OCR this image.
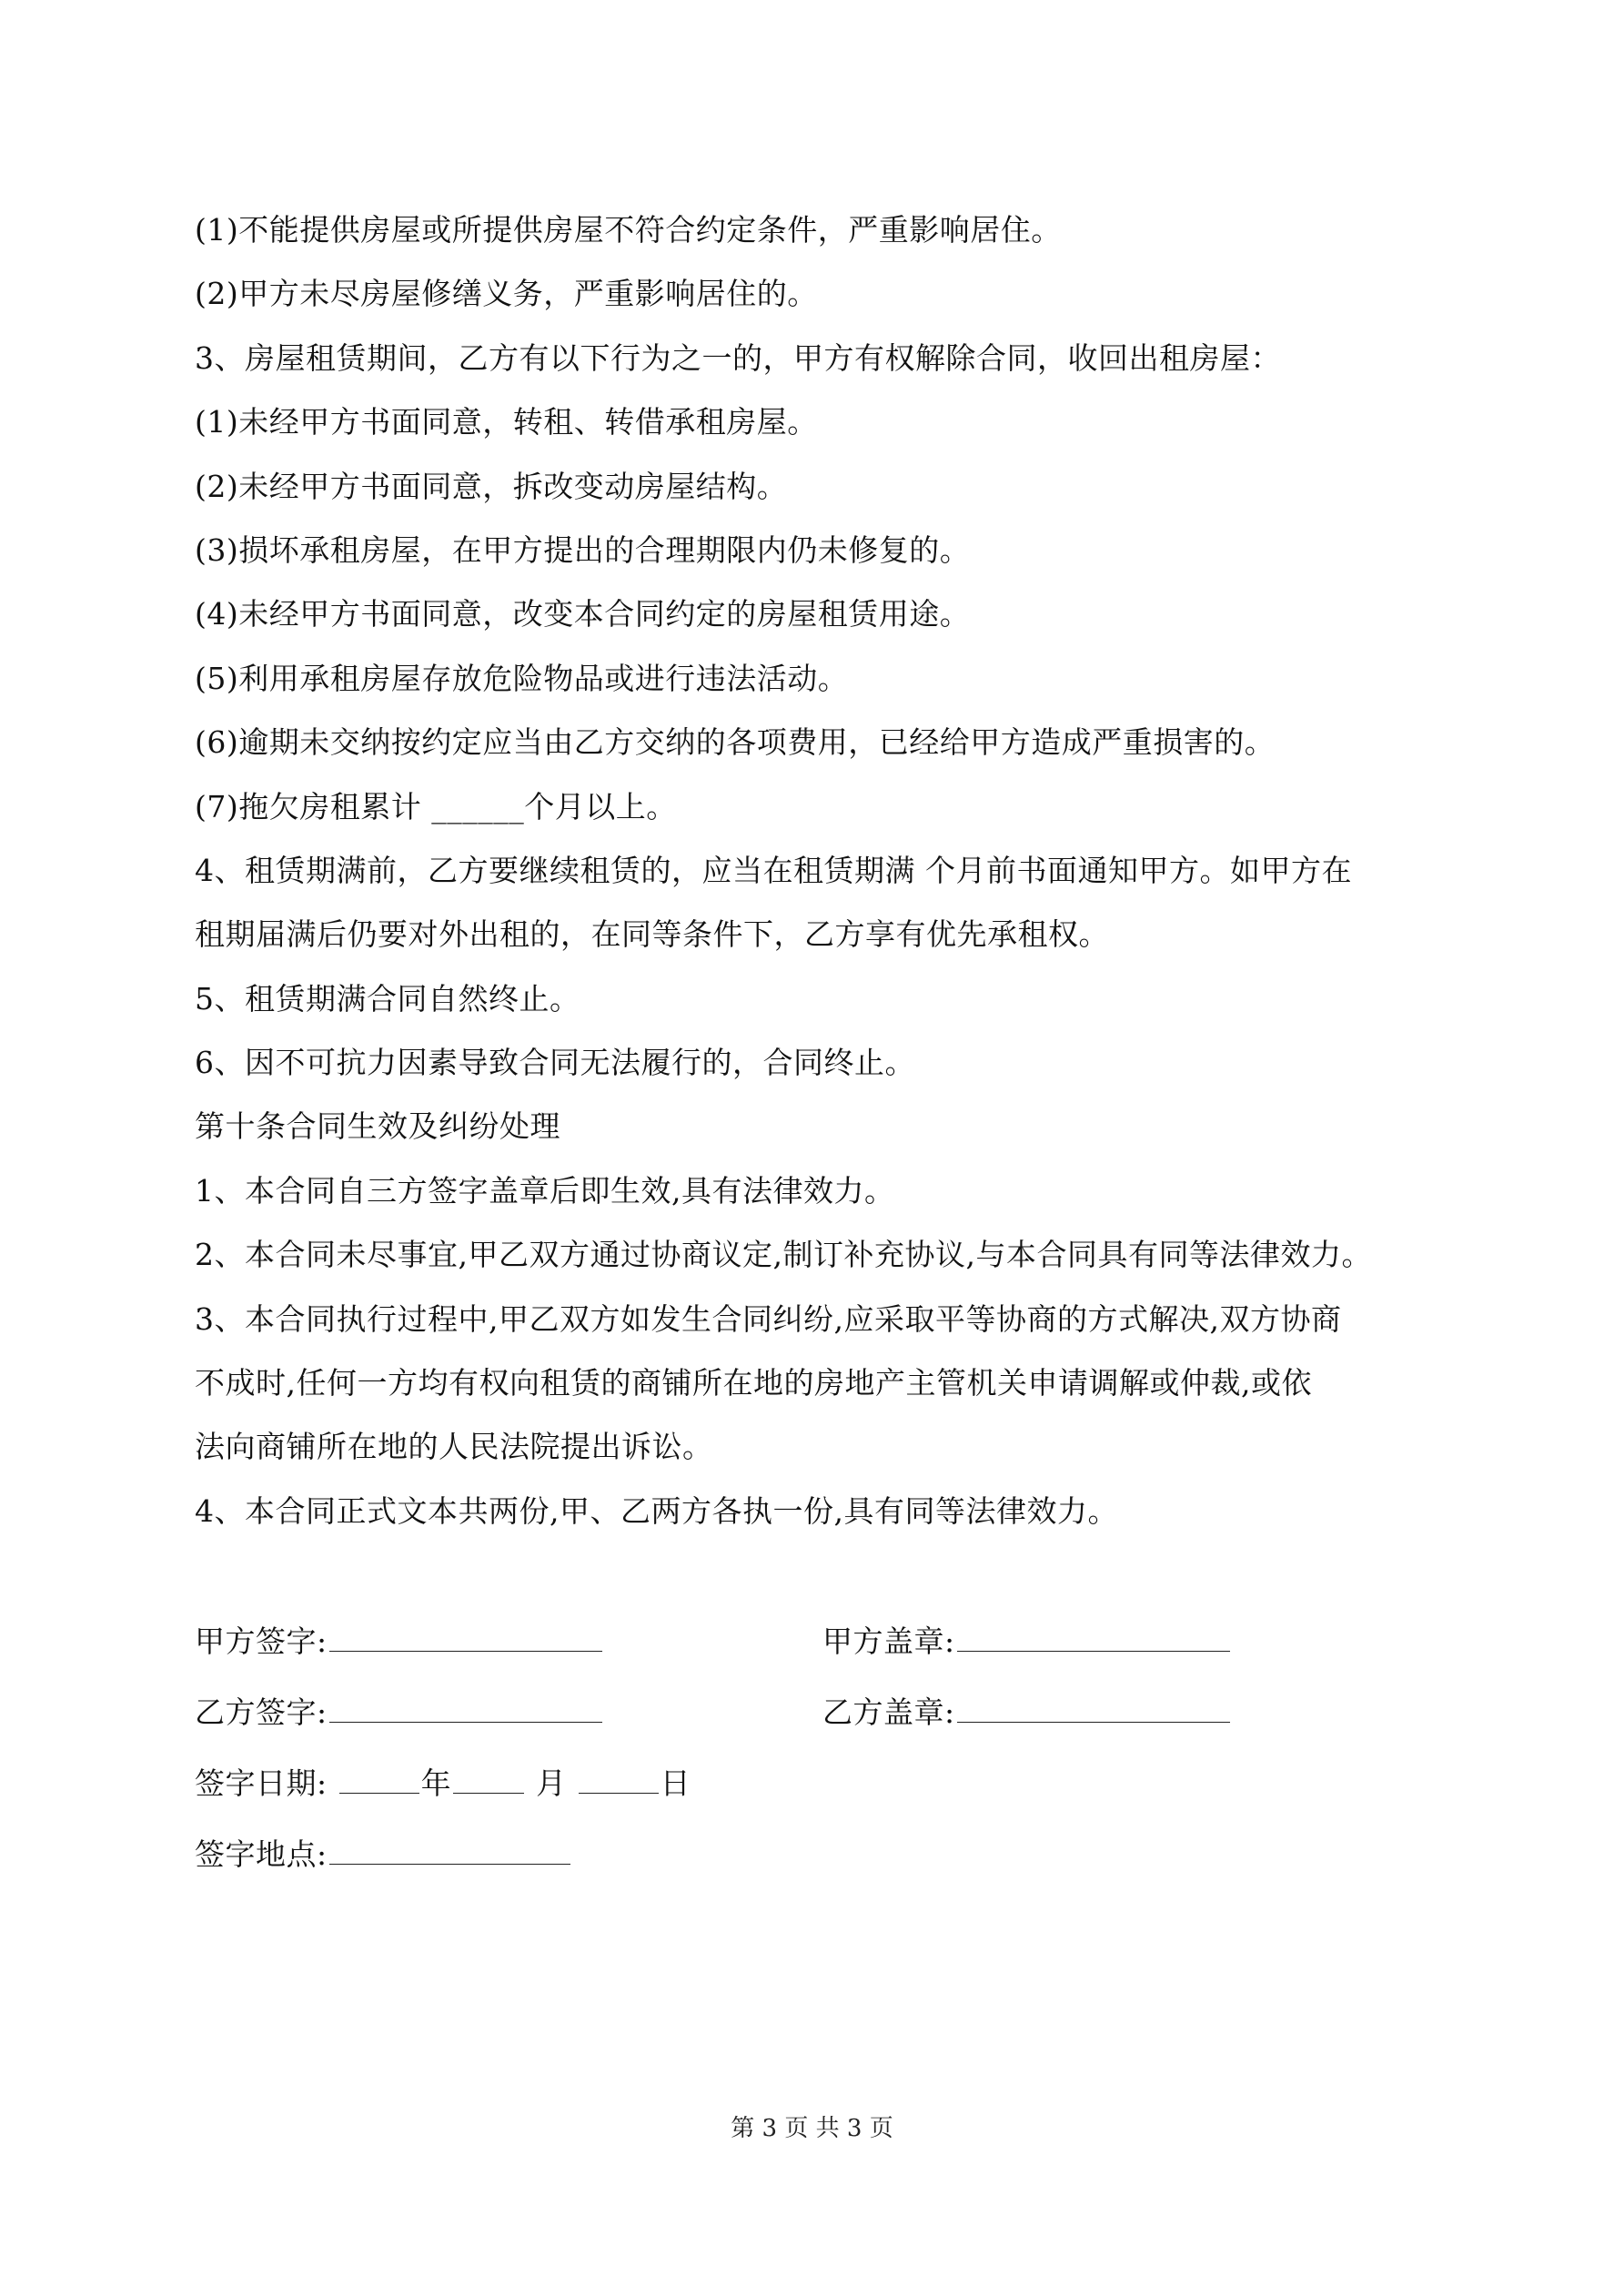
(1)不能提供房屋或所提供房屋不符合约定条件，严重影响居住。
(2)甲方未尽房屋修缮义务，严重影响居住的。
3、房屋租赁期间，乙方有以下行为之一的，甲方有权解除合同，收回出租房屋：
(1)未经甲方书面同意，转租、转借承租房屋。
(2)未经甲方书面同意，拆改变动房屋结构。
(3)损坏承租房屋，在甲方提出的合理期限内仍未修复的。
(4)未经甲方书面同意，改变本合同约定的房屋租赁用途。
(5)利用承租房屋存放危险物品或进行违法活动。
(6)逾期未交纳按约定应当由乙方交纳的各项费用，已经给甲方造成严重损害的。
(7)拖欠房租累计 ______个月以上。
4、租赁期满前，乙方要继续租赁的，应当在租赁期满 个月前书面通知甲方。如甲方在
租期届满后仍要对外出租的，在同等条件下，乙方享有优先承租权。
5、租赁期满合同自然终止。
6、因不可抗力因素导致合同无法履行的，合同终止。
第十条合同生效及纠纷处理
1、本合同自三方签字盖章后即生效,具有法律效力。
2、本合同未尽事宜,甲乙双方通过协商议定,制订补充协议,与本合同具有同等法律效力。
3、本合同执行过程中,甲乙双方如发生合同纠纷,应采取平等协商的方式解决,双方协商
不成时,任何一方均有权向租赁的商铺所在地的房地产主管机关申请调解或仲裁,或依
法向商铺所在地的人民法院提出诉讼。
4、本合同正式文本共两份,甲、乙两方各执一份,具有同等法律效力。
甲方签字:	甲方盖章:
乙方签字:	乙方盖章:
签字日期:	年	月	日
签字地点:
第 3 页 共 3 页
